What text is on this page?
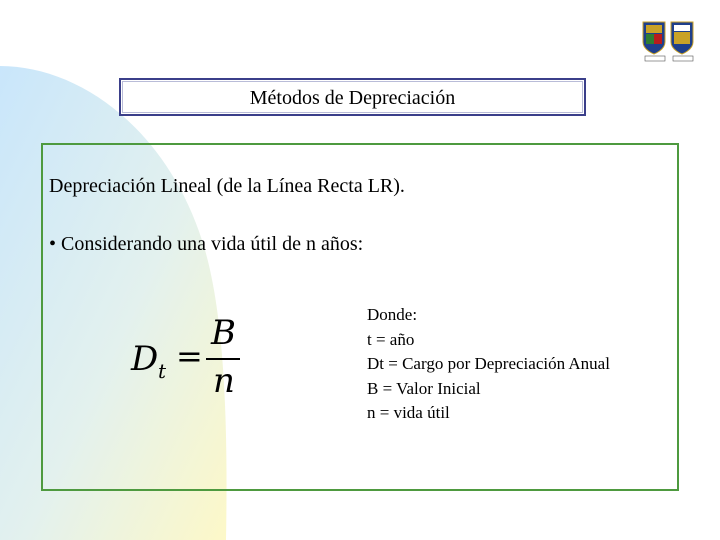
Métodos de Depreciación
Depreciación Lineal (de la Línea Recta LR).
• Considerando una vida útil de n años:
D t =
B
n
Donde:
t = año
Dt = Cargo por Depreciación Anual
B = Valor Inicial
n = vida útil
